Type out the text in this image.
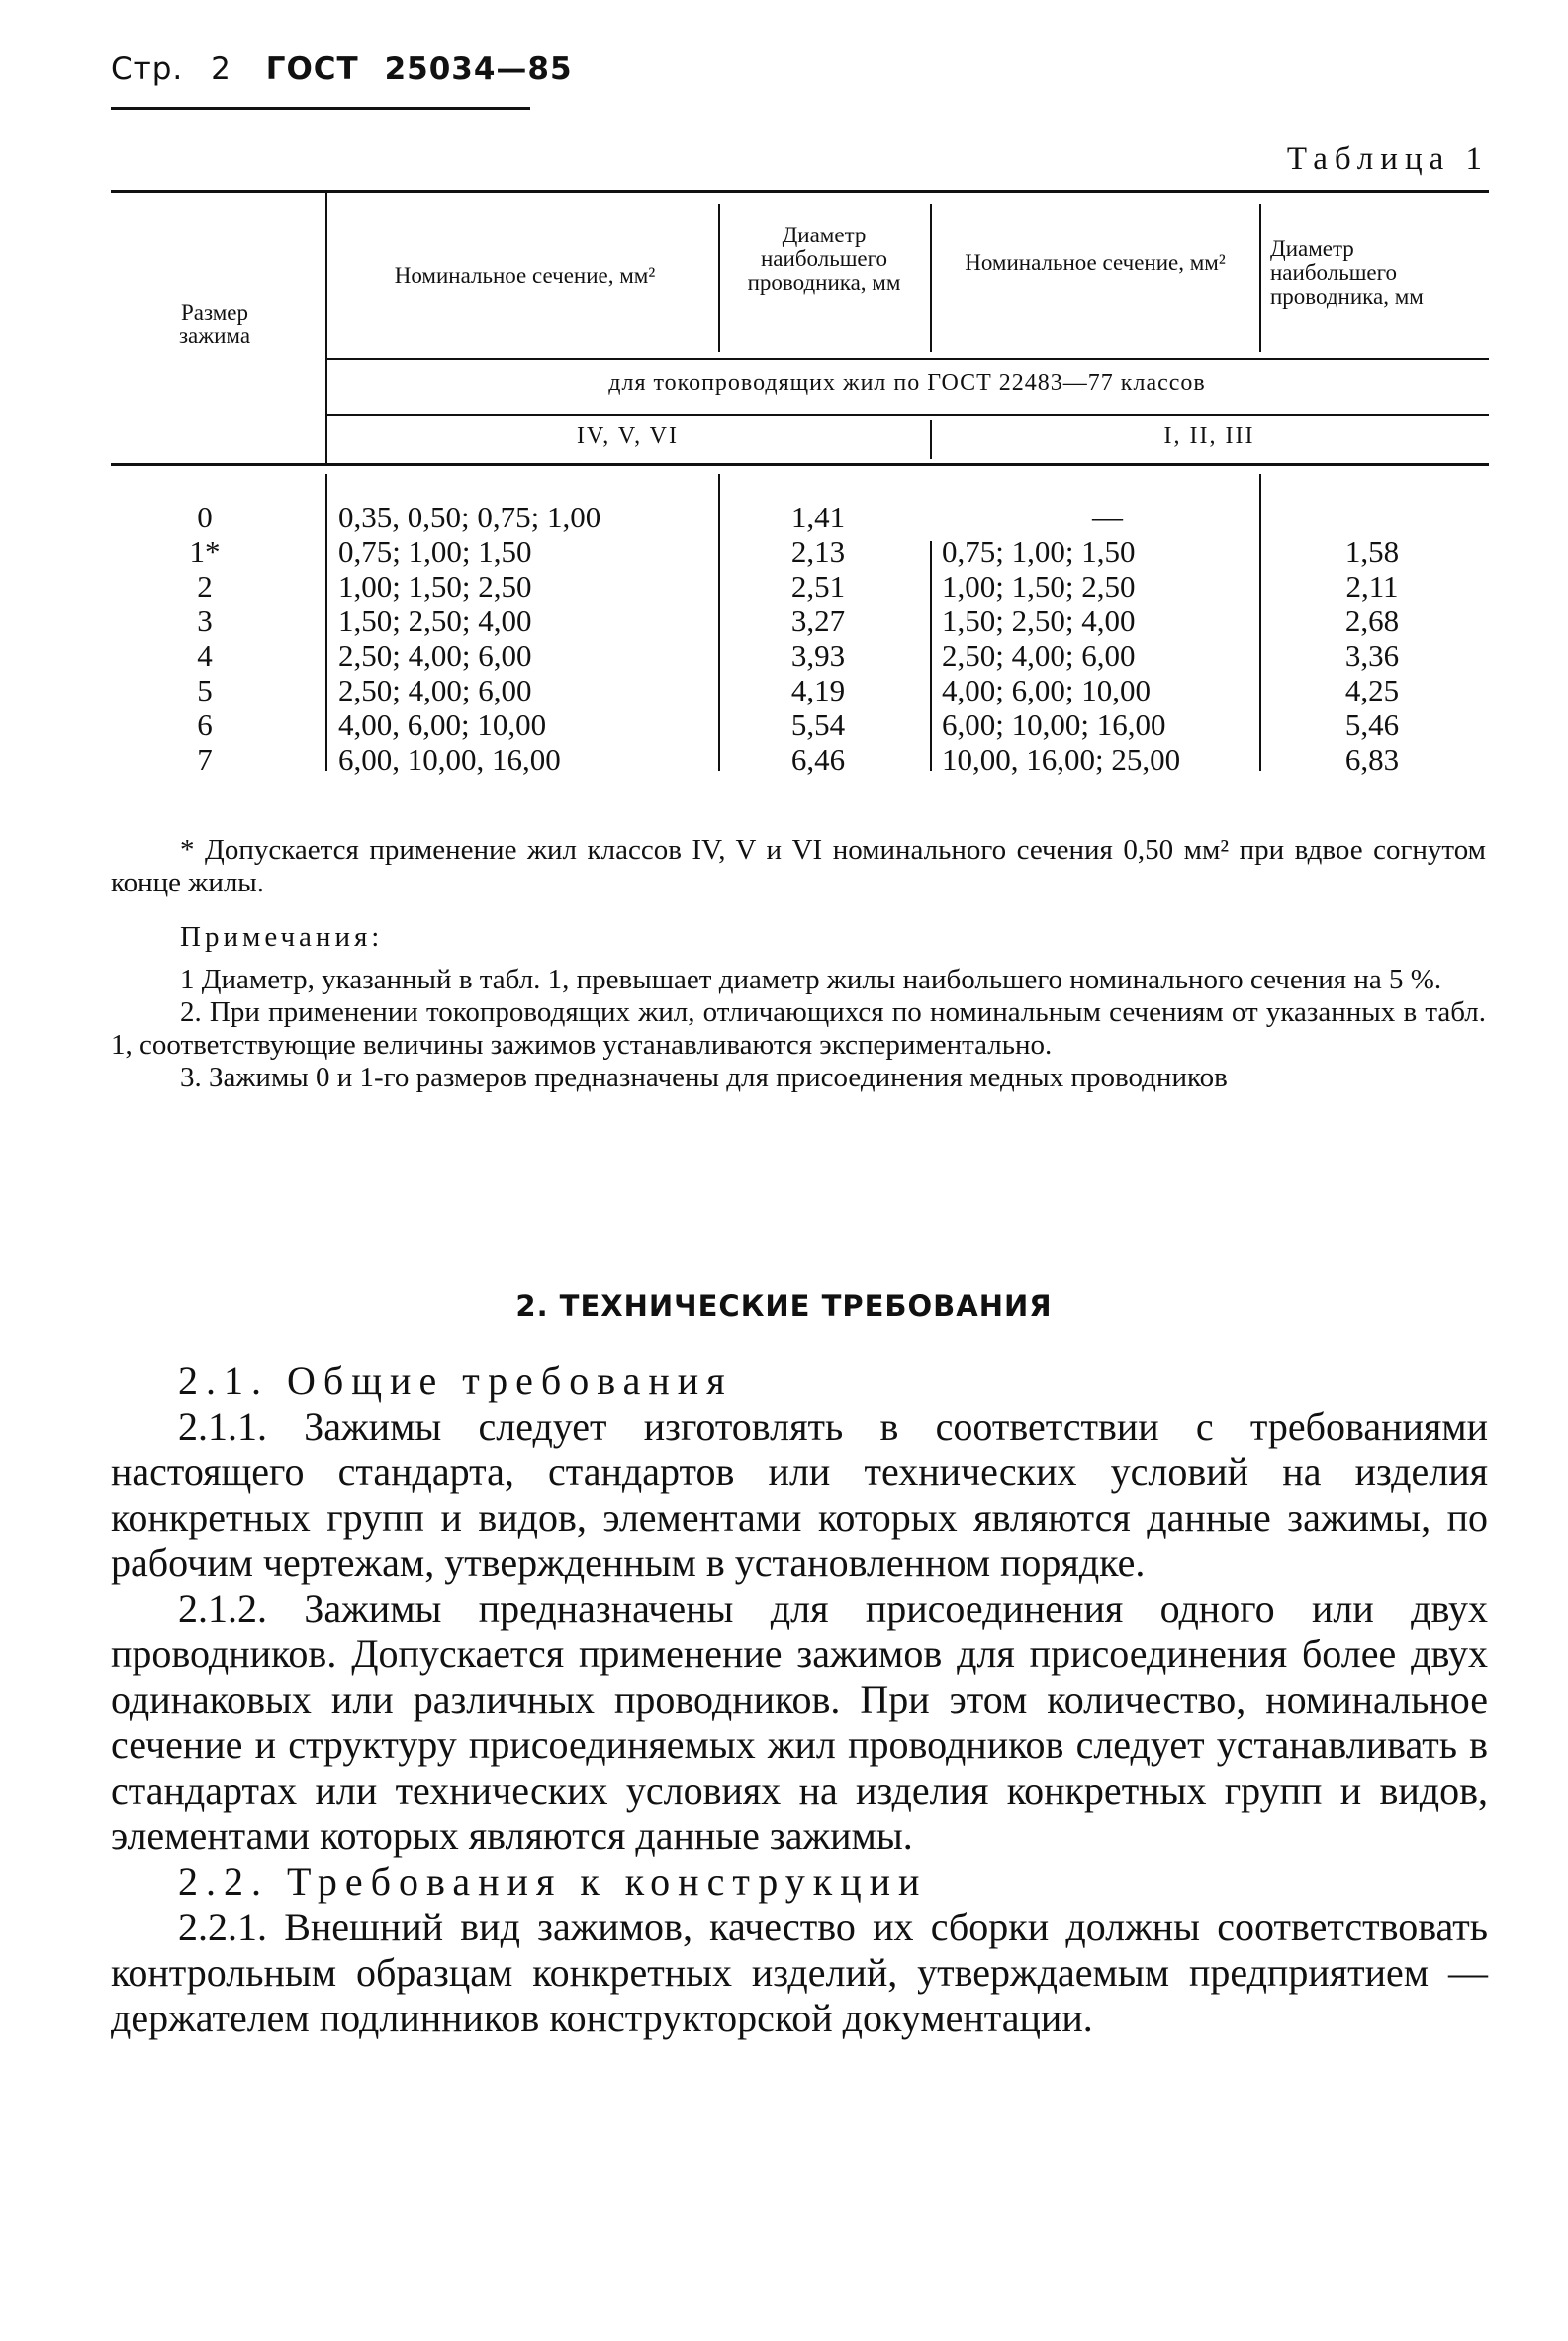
Стр. 2 ГОСТ 25034—85
Таблица 1
Размер зажима
Номинальное сечение, мм²
Диаметр наибольшего проводника, мм
Номинальное сечение, мм²
Диаметр наибольшего проводника, мм
для токопроводящих жил по ГОСТ 22483—77 классов
IV, V, VI	I, II, III
0
1*
2
3
4
5
6
7
0,35, 0,50; 0,75; 1,00
0,75; 1,00; 1,50
1,00; 1,50; 2,50
1,50; 2,50; 4,00
2,50; 4,00; 6,00
2,50; 4,00; 6,00
4,00, 6,00; 10,00
6,00, 10,00, 16,00
1,41
2,13
2,51
3,27
3,93
4,19
5,54
6,46
—
0,75; 1,00; 1,50
1,00; 1,50; 2,50
1,50; 2,50; 4,00
2,50; 4,00; 6,00
4,00; 6,00; 10,00
6,00; 10,00; 16,00
10,00, 16,00; 25,00
1,58
2,11
2,68
3,36
4,25
5,46
6,83

* Допускается применение жил классов IV, V и VI номинального сечения 0,50 мм² при вдвое согнутом конце жилы.

Примечания:

1 Диаметр, указанный в табл. 1, превышает диаметр жилы наибольшего номинального сечения на 5 %.

2. При применении токопроводящих жил, отличающихся по номинальным сечениям от указанных в табл. 1, соответствующие величины зажимов устанавливаются экспериментально.

3. Зажимы 0 и 1-го размеров предназначены для присоединения медных проводников

2. ТЕХНИЧЕСКИЕ ТРЕБОВАНИЯ

2.1. Общие требования

2.1.1. Зажимы следует изготовлять в соответствии с требованиями настоящего стандарта, стандартов или технических условий на изделия конкретных групп и видов, элементами которых являются данные зажимы, по рабочим чертежам, утвержденным в установленном порядке.

2.1.2. Зажимы предназначены для присоединения одного или двух проводников. Допускается применение зажимов для присоединения более двух одинаковых или различных проводников. При этом количество, номинальное сечение и структуру присоединяемых жил проводников следует устанавливать в стандартах или технических условиях на изделия конкретных групп и видов, элементами которых являются данные зажимы.

2.2. Требования к конструкции

2.2.1. Внешний вид зажимов, качество их сборки должны соответствовать контрольным образцам конкретных изделий, утверждаемым предприятием — держателем подлинников конструкторской документации.
